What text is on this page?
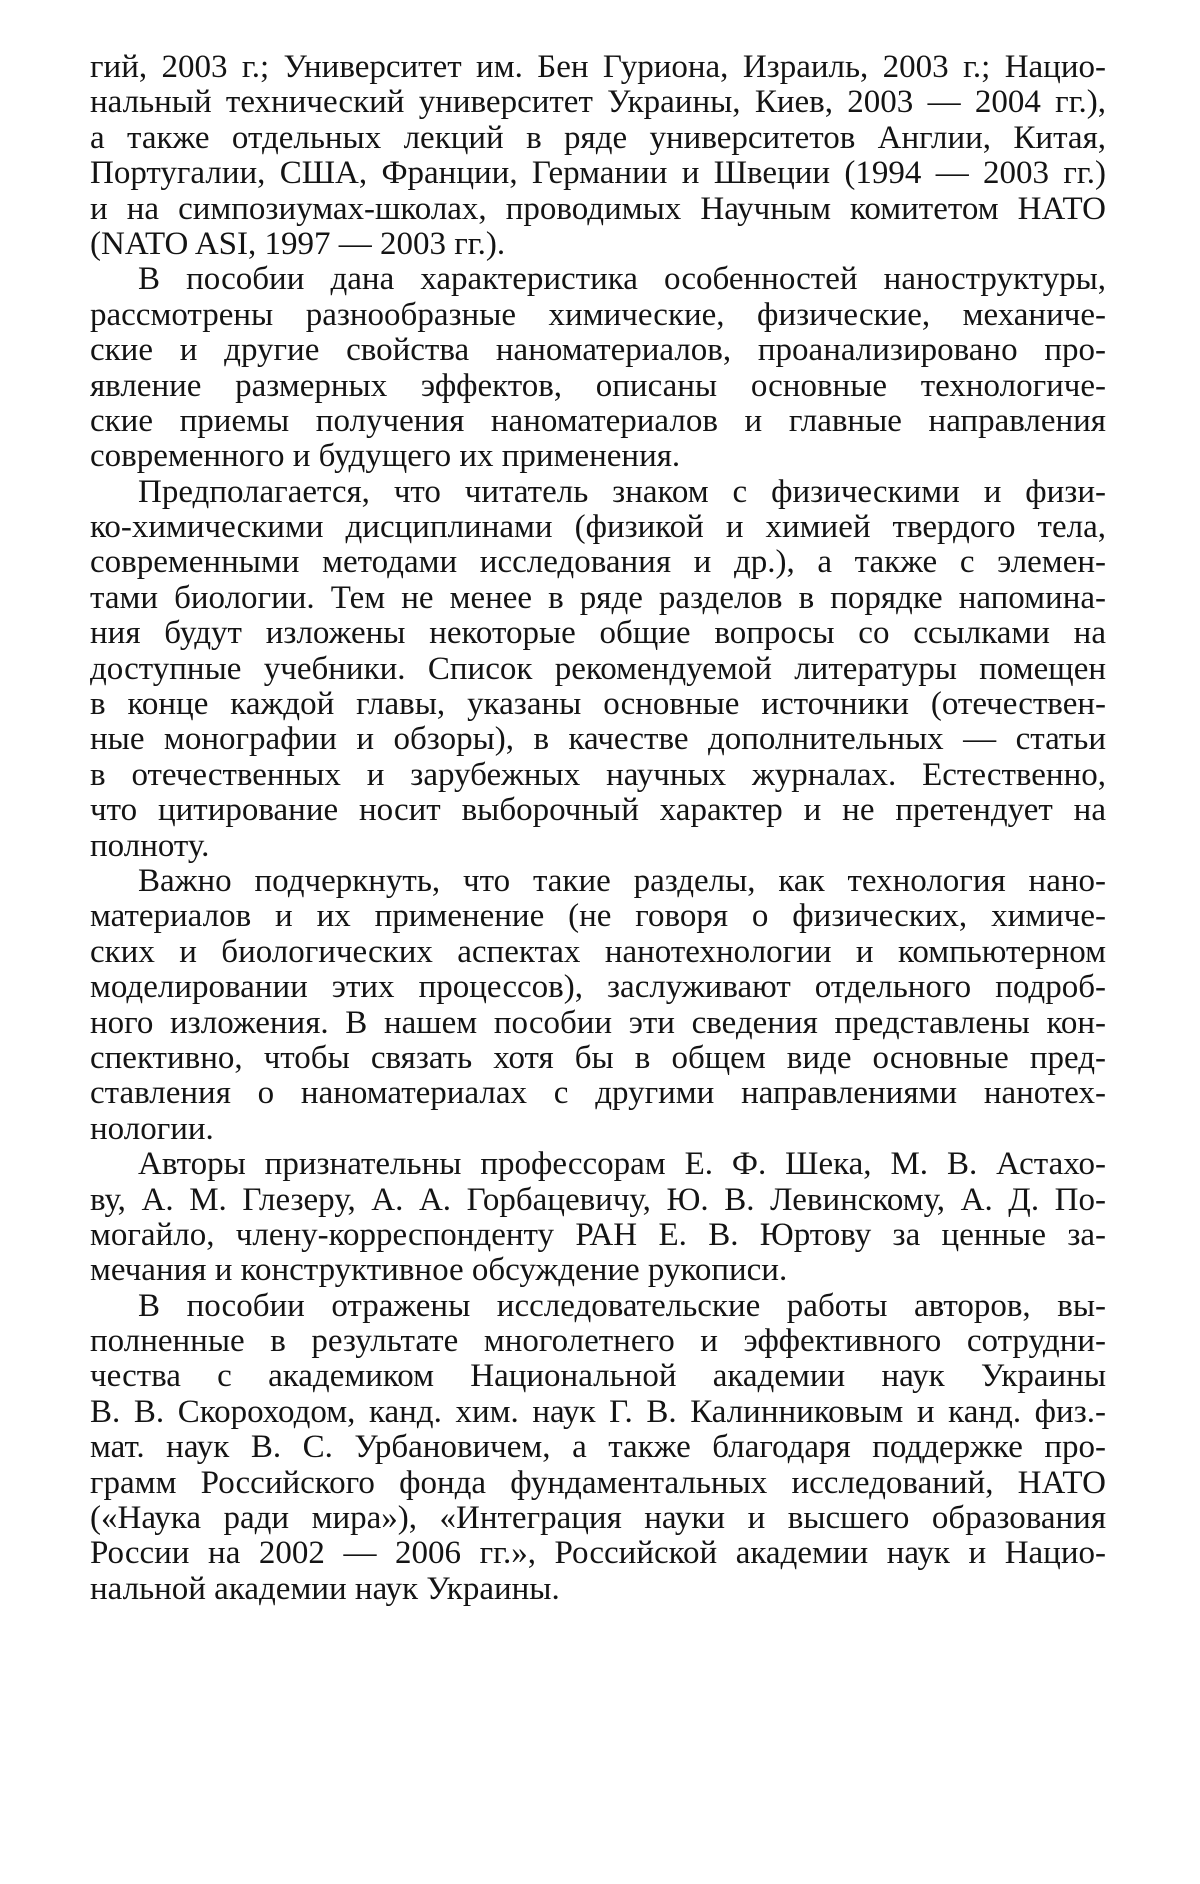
гий, 2003 г.; Университет им. Бен Гуриона, Израиль, 2003 г.; Нацио-
нальный технический университет Украины, Киев, 2003 — 2004 гг.),
а также отдельных лекций в ряде университетов Англии, Китая,
Португалии, США, Франции, Германии и Швеции (1994 — 2003 гг.)
и на симпозиумах-школах, проводимых Научным комитетом НАТО
(NATO ASI, 1997 — 2003 гг.).
В пособии дана характеристика особенностей наноструктуры,
рассмотрены разнообразные химические, физические, механиче-
ские и другие свойства наноматериалов, проанализировано про-
явление размерных эффектов, описаны основные технологиче-
ские приемы получения наноматериалов и главные направления
современного и будущего их применения.
Предполагается, что читатель знаком с физическими и физи-
ко-химическими дисциплинами (физикой и химией твердого тела,
современными методами исследования и др.), а также с элемен-
тами биологии. Тем не менее в ряде разделов в порядке напомина-
ния будут изложены некоторые общие вопросы со ссылками на
доступные учебники. Список рекомендуемой литературы помещен
в конце каждой главы, указаны основные источники (отечествен-
ные монографии и обзоры), в качестве дополнительных — статьи
в отечественных и зарубежных научных журналах. Естественно,
что цитирование носит выборочный характер и не претендует на
полноту.
Важно подчеркнуть, что такие разделы, как технология нано-
материалов и их применение (не говоря о физических, химиче-
ских и биологических аспектах нанотехнологии и компьютерном
моделировании этих процессов), заслуживают отдельного подроб-
ного изложения. В нашем пособии эти сведения представлены кон-
спективно, чтобы связать хотя бы в общем виде основные пред-
ставления о наноматериалах с другими направлениями нанотех-
нологии.
Авторы признательны профессорам Е. Ф. Шека, М. В. Астахо-
ву, А. М. Глезеру, А. А. Горбацевичу, Ю. В. Левинскому, А. Д. По-
могайло, члену-корреспонденту РАН Е. В. Юртову за ценные за-
мечания и конструктивное обсуждение рукописи.
В пособии отражены исследовательские работы авторов, вы-
полненные в результате многолетнего и эффективного сотрудни-
чества с академиком Национальной академии наук Украины
В. В. Скороходом, канд. хим. наук Г. В. Калинниковым и канд. физ.-
мат. наук В. С. Урбановичем, а также благодаря поддержке про-
грамм Российского фонда фундаментальных исследований, НАТО
(«Наука ради мира»), «Интеграция науки и высшего образования
России на 2002 — 2006 гг.», Российской академии наук и Нацио-
нальной академии наук Украины.
